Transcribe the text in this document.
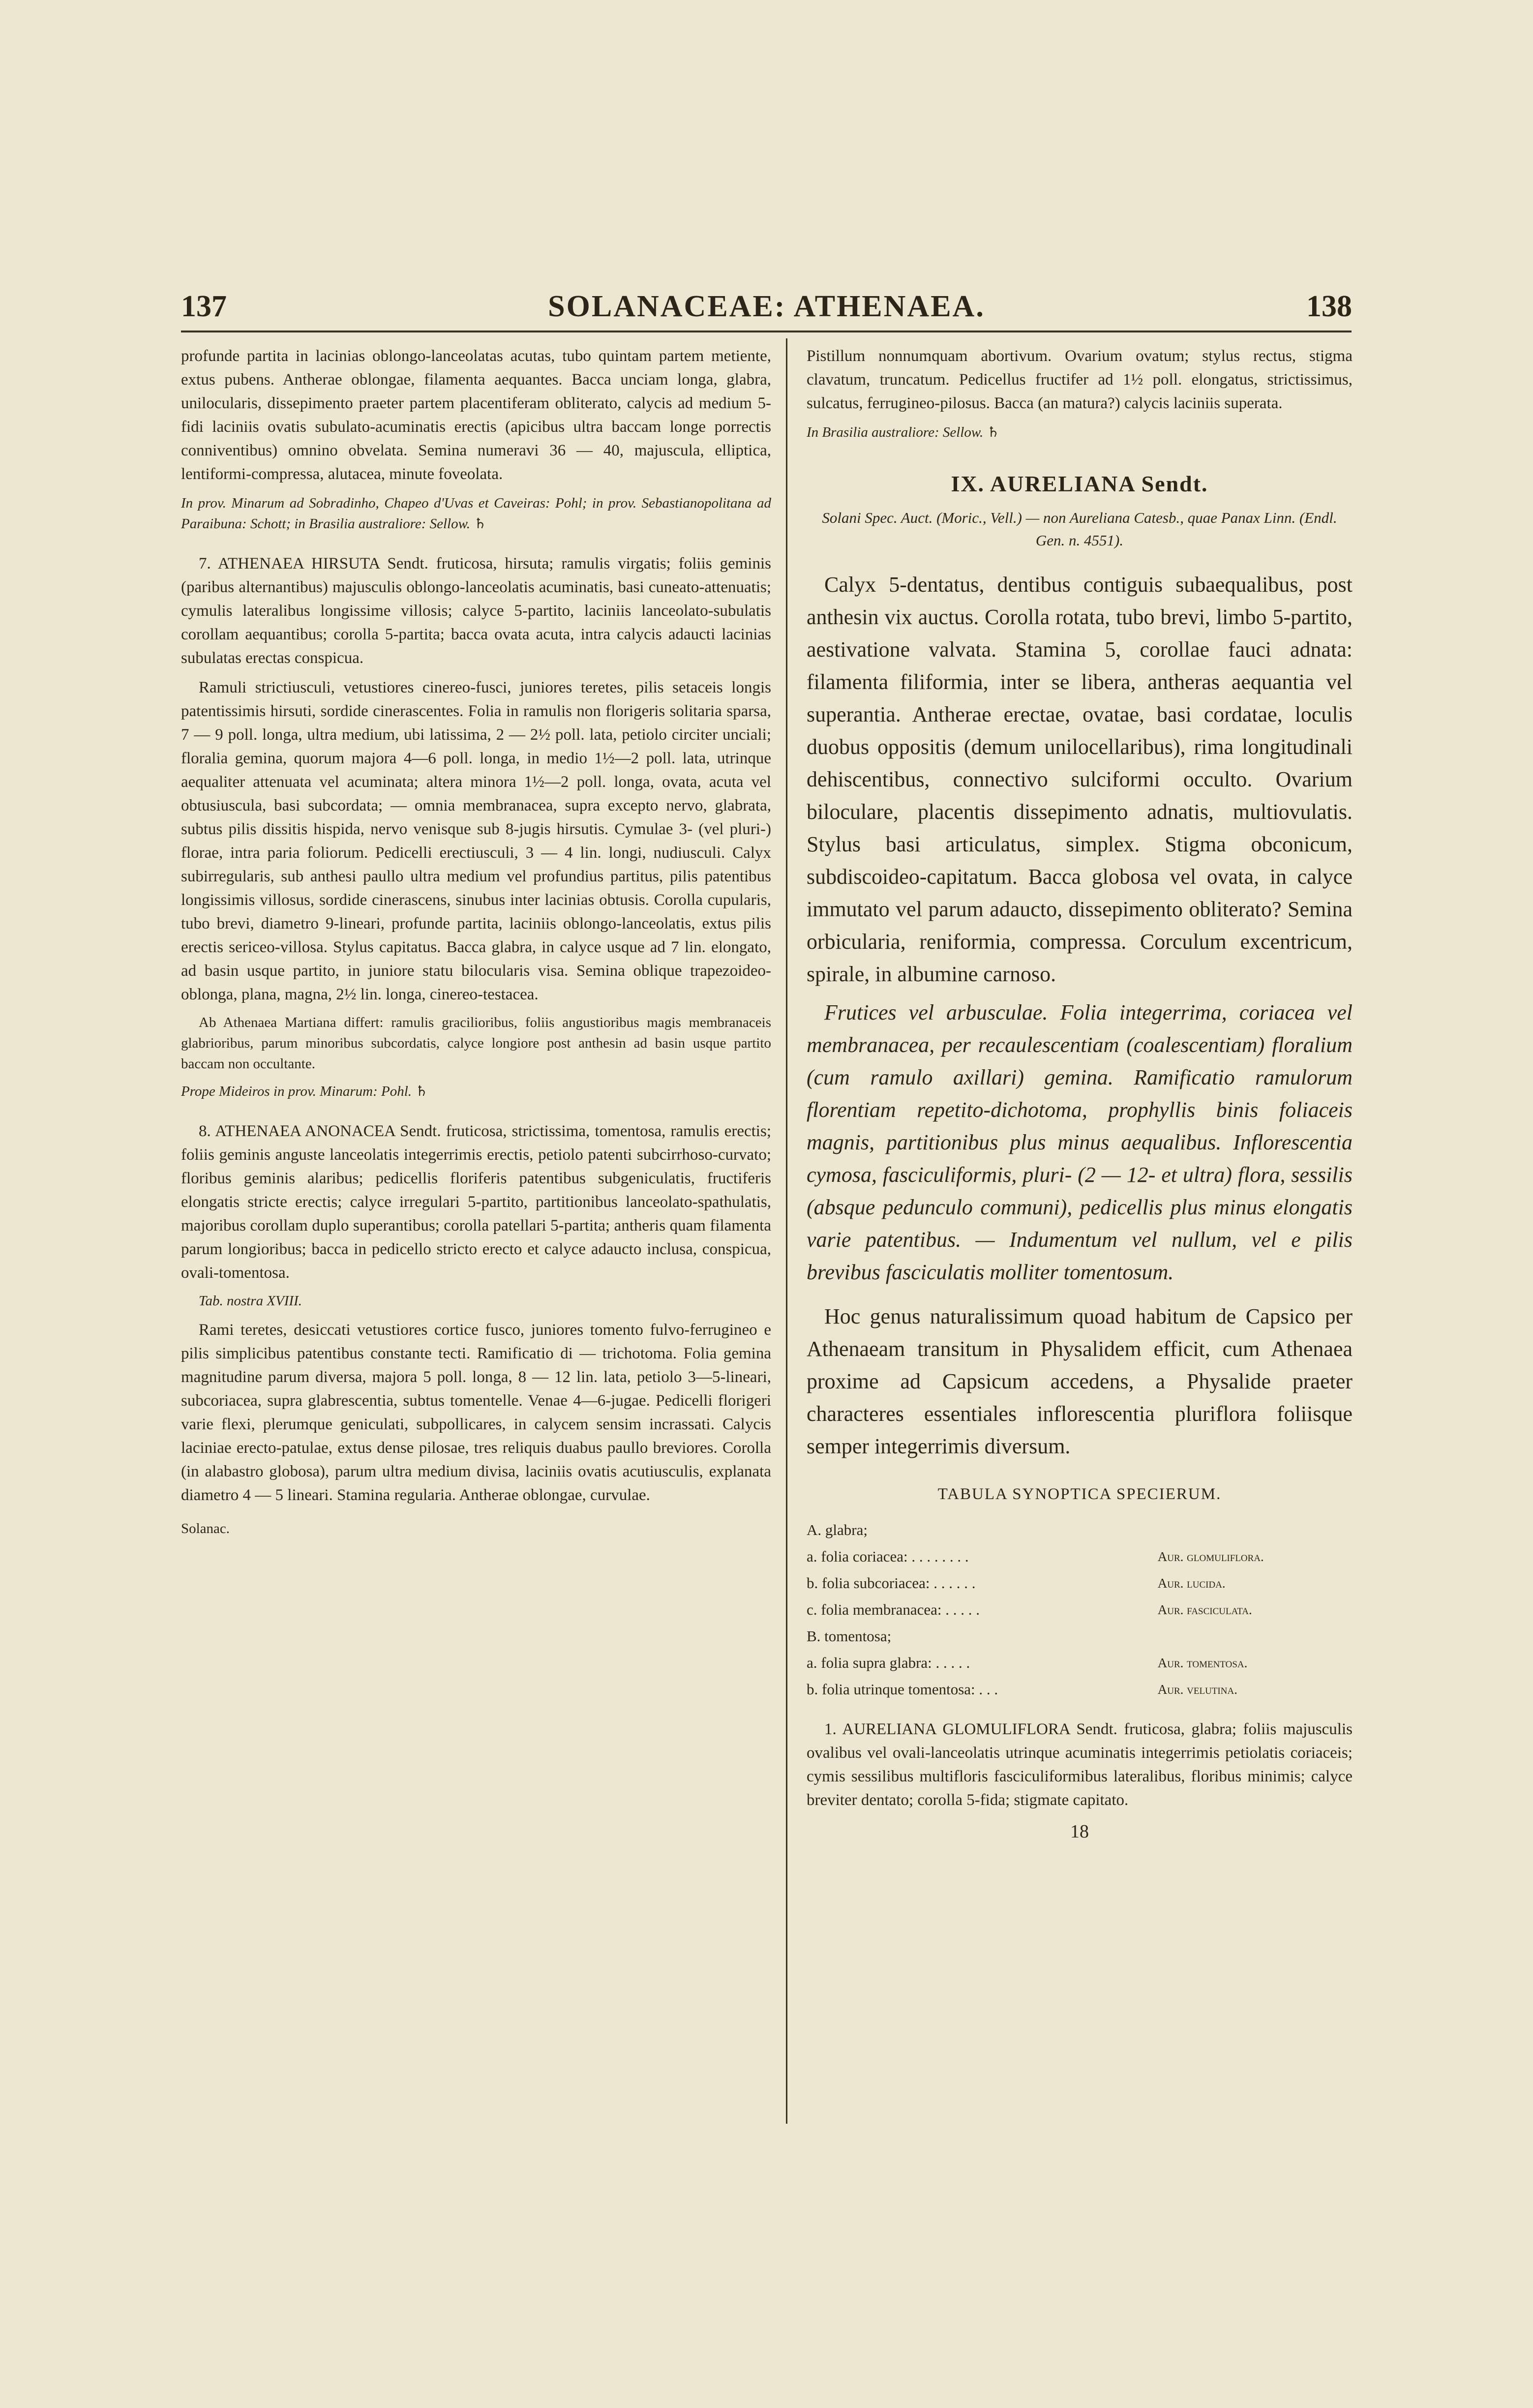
137	SOLANACEAE: ATHENAEA.	138

profunde partita in lacinias oblongo-lanceolatas acutas, tubo quintam partem metiente, extus pubens. Antherae oblongae, filamenta aequantes. Bacca unciam longa, glabra, unilocularis, dissepimento praeter partem placentiferam obliterato, calycis ad medium 5-fidi laciniis ovatis subulato-acuminatis erectis (apicibus ultra baccam longe porrectis conniventibus) omnino obvelata. Semina numeravi 36 — 40, majuscula, elliptica, lentiformi-compressa, alutacea, minute foveolata.

In prov. Minarum ad Sobradinho, Chapeo d'Uvas et Caveiras: Pohl; in prov. Sebastianopolitana ad Paraibuna: Schott; in Brasilia australiore: Sellow. ♄

7. ATHENAEA HIRSUTA Sendt. fruticosa, hirsuta; ramulis virgatis; foliis geminis (paribus alternantibus) majusculis oblongo-lanceolatis acuminatis, basi cuneato-attenuatis; cymulis lateralibus longissime villosis; calyce 5-partito, laciniis lanceolato-subulatis corollam aequantibus; corolla 5-partita; bacca ovata acuta, intra calycis adaucti lacinias subulatas erectas conspicua.

Ramuli strictiusculi, vetustiores cinereo-fusci, juniores teretes, pilis setaceis longis patentissimis hirsuti, sordide cinerascentes. Folia in ramulis non florigeris solitaria sparsa, 7 — 9 poll. longa, ultra medium, ubi latissima, 2 — 2½ poll. lata, petiolo circiter unciali; floralia gemina, quorum majora 4—6 poll. longa, in medio 1½—2 poll. lata, utrinque aequaliter attenuata vel acuminata; altera minora 1½—2 poll. longa, ovata, acuta vel obtusiuscula, basi subcordata; — omnia membranacea, supra excepto nervo, glabrata, subtus pilis dissitis hispida, nervo venisque sub 8-jugis hirsutis. Cymulae 3- (vel pluri-) florae, intra paria foliorum. Pedicelli erectiusculi, 3 — 4 lin. longi, nudiusculi. Calyx subirregularis, sub anthesi paullo ultra medium vel profundius partitus, pilis patentibus longissimis villosus, sordide cinerascens, sinubus inter lacinias obtusis. Corolla cupularis, tubo brevi, diametro 9-lineari, profunde partita, laciniis oblongo-lanceolatis, extus pilis erectis sericeo-villosa. Stylus capitatus. Bacca glabra, in calyce usque ad 7 lin. elongato, ad basin usque partito, in juniore statu bilocularis visa. Semina oblique trapezoideo-oblonga, plana, magna, 2½ lin. longa, cinereo-testacea.

Ab Athenaea Martiana differt: ramulis gracilioribus, foliis angustioribus magis membranaceis glabrioribus, parum minoribus subcordatis, calyce longiore post anthesin ad basin usque partito baccam non occultante.

Prope Mideiros in prov. Minarum: Pohl. ♄

8. ATHENAEA ANONACEA Sendt. fruticosa, strictissima, tomentosa, ramulis erectis; foliis geminis anguste lanceolatis integerrimis erectis, petiolo patenti subcirrhoso-curvato; floribus geminis alaribus; pedicellis floriferis patentibus subgeniculatis, fructiferis elongatis stricte erectis; calyce irregulari 5-partito, partitionibus lanceolato-spathulatis, majoribus corollam duplo superantibus; corolla patellari 5-partita; antheris quam filamenta parum longioribus; bacca in pedicello stricto erecto et calyce adaucto inclusa, conspicua, ovali-tomentosa.

Tab. nostra XVIII.

Rami teretes, desiccati vetustiores cortice fusco, juniores tomento fulvo-ferrugineo e pilis simplicibus patentibus constante tecti. Ramificatio di — trichotoma. Folia gemina magnitudine parum diversa, majora 5 poll. longa, 8 — 12 lin. lata, petiolo 3—5-lineari, subcoriacea, supra glabrescentia, subtus tomentelle. Venae 4—6-jugae. Pedicelli florigeri varie flexi, plerumque geniculati, subpollicares, in calycem sensim incrassati. Calycis laciniae erecto-patulae, extus dense pilosae, tres reliquis duabus paullo breviores. Corolla (in alabastro globosa), parum ultra medium divisa, laciniis ovatis acutiusculis, explanata diametro 4 — 5 lineari. Stamina regularia. Antherae oblongae, curvulae.

Solanac.

Pistillum nonnumquam abortivum. Ovarium ovatum; stylus rectus, stigma clavatum, truncatum. Pedicellus fructifer ad 1½ poll. elongatus, strictissimus, sulcatus, ferrugineo-pilosus. Bacca (an matura?) calycis laciniis superata.

In Brasilia australiore: Sellow. ♄

IX. AURELIANA Sendt.

Solani Spec. Auct. (Moric., Vell.) — non Aureliana Catesb., quae Panax Linn. (Endl. Gen. n. 4551).

Calyx 5-dentatus, dentibus contiguis subaequalibus, post anthesin vix auctus. Corolla rotata, tubo brevi, limbo 5-partito, aestivatione valvata. Stamina 5, corollae fauci adnata: filamenta filiformia, inter se libera, antheras aequantia vel superantia. Antherae erectae, ovatae, basi cordatae, loculis duobus oppositis (demum unilocellaribus), rima longitudinali dehiscentibus, connectivo sulciformi occulto. Ovarium biloculare, placentis dissepimento adnatis, multiovulatis. Stylus basi articulatus, simplex. Stigma obconicum, subdiscoideo-capitatum. Bacca globosa vel ovata, in calyce immutato vel parum adaucto, dissepimento obliterato? Semina orbicularia, reniformia, compressa. Corculum excentricum, spirale, in albumine carnoso.

Frutices vel arbusculae. Folia integerrima, coriacea vel membranacea, per recaulescentiam (coalescentiam) floralium (cum ramulo axillari) gemina. Ramificatio ramulorum florentiam repetito-dichotoma, prophyllis binis foliaceis magnis, partitionibus plus minus aequalibus. Inflorescentia cymosa, fasciculiformis, pluri- (2 — 12- et ultra) flora, sessilis (absque pedunculo communi), pedicellis plus minus elongatis varie patentibus. — Indumentum vel nullum, vel e pilis brevibus fasciculatis molliter tomentosum.

Hoc genus naturalissimum quoad habitum de Capsico per Athenaeam transitum in Physalidem efficit, cum Athenaea proxime ad Capsicum accedens, a Physalide praeter characteres essentiales inflorescentia pluriflora foliisque semper integerrimis diversum.

TABULA SYNOPTICA SPECIERUM.

A. glabra;	
a. folia coriacea: . . . . . . . .	Aur. glomuliflora.
b. folia subcoriacea: . . . . . .	Aur. lucida.
c. folia membranacea: . . . . .	Aur. fasciculata.
B. tomentosa;	
a. folia supra glabra: . . . . .	Aur. tomentosa.
b. folia utrinque tomentosa: . . .	Aur. velutina.

1. AURELIANA GLOMULIFLORA Sendt. fruticosa, glabra; foliis majusculis ovalibus vel ovali-lanceolatis utrinque acuminatis integerrimis petiolatis coriaceis; cymis sessilibus multifloris fasciculiformibus lateralibus, floribus minimis; calyce breviter dentato; corolla 5-fida; stigmate capitato.

18
